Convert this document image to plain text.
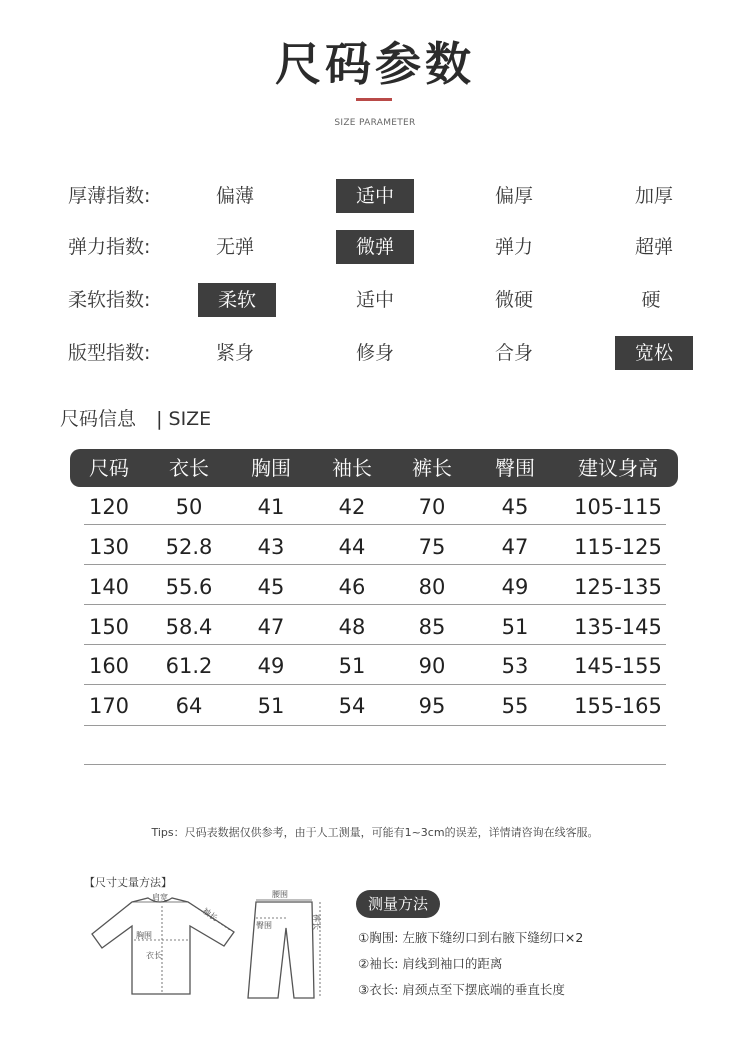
尺码参数
SIZE PARAMETER
厚薄指数:	偏薄	适中	偏厚	加厚
弹力指数:	无弹	微弹	弹力	超弹
柔软指数:	柔软	适中	微硬	硬
版型指数:	紧身	修身	合身	宽松
尺码信息 | SIZE
尺码 衣长 胸围 袖长 裤长 臀围 建议身高
120 50	41	42	70	45 105-115
130 52.8 43	44	75	47 115-125
140 55.6 45	46	80	49 125-135
150 58.4 47	48	85	51 135-145
160 61.2 49	51	90	53 145-155
170 64	51	54	95	55 155-165
Tips：尺码表数据仅供参考，由于人工测量，可能有1~3cm的误差，详情请咨询在线客服。
【尺寸丈量方法】
肩宽
袖长
胸围
衣长
腰围
臀围	裤长
测量方法
①胸围: 左腋下缝纫口到右腋下缝纫口×2
②袖长: 肩线到袖口的距离
③衣长: 肩颈点至下摆底端的垂直长度
